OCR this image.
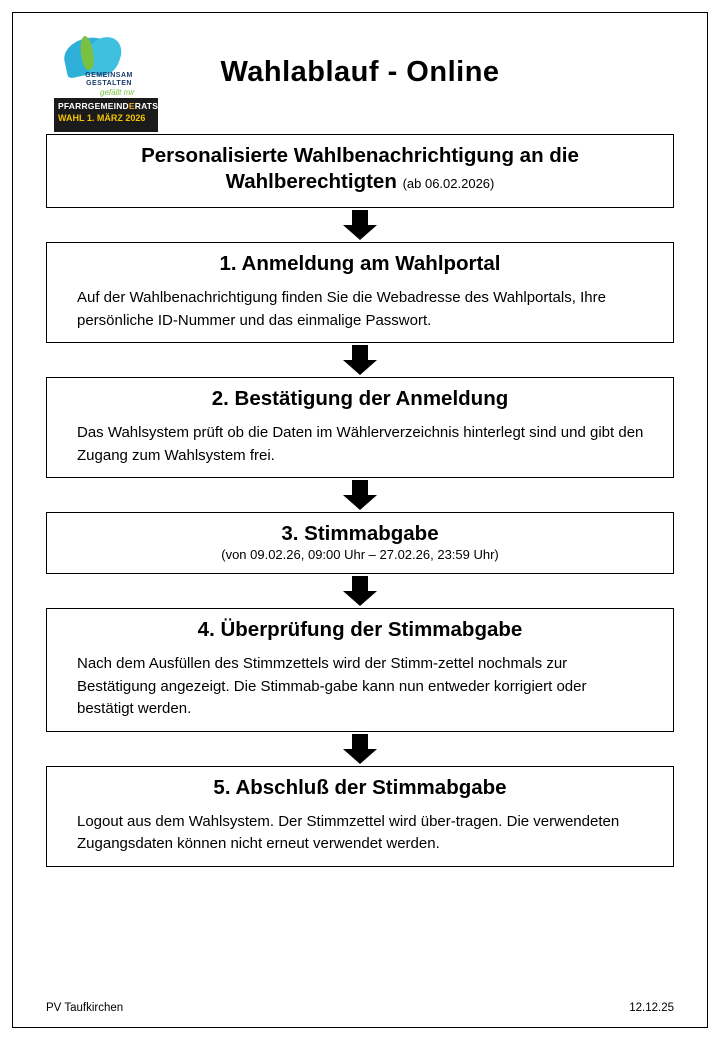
GEMEINSAM
GESTALTEN
gefällt mir
PFARRGEMEINDERATS-
WAHL 1. MÄRZ 2026
Wahlablauf - Online
Personalisierte Wahlbenachrichtigung an die Wahlberechtigten (ab 06.02.2026)
1. Anmeldung am Wahlportal

Auf der Wahlbenachrichtigung finden Sie die Webadresse des Wahlportals, Ihre persönliche ID-Nummer und das einmalige Passwort.

2. Bestätigung der Anmeldung

Das Wahlsystem prüft ob die Daten im Wählerverzeichnis hinterlegt sind und gibt den Zugang zum Wahlsystem frei.

3. Stimmabgabe
(von 09.02.26, 09:00 Uhr – 27.02.26, 23:59 Uhr)
4. Überprüfung der Stimmabgabe

Nach dem Ausfüllen des Stimmzettels wird der Stimm-zettel nochmals zur Bestätigung angezeigt. Die Stimmab-gabe kann nun entweder korrigiert oder bestätigt werden.

5. Abschluß der Stimmabgabe

Logout aus dem Wahlsystem. Der Stimmzettel wird über-tragen. Die verwendeten Zugangsdaten können nicht erneut verwendet werden.

PV Taufkirchen	12.12.25
